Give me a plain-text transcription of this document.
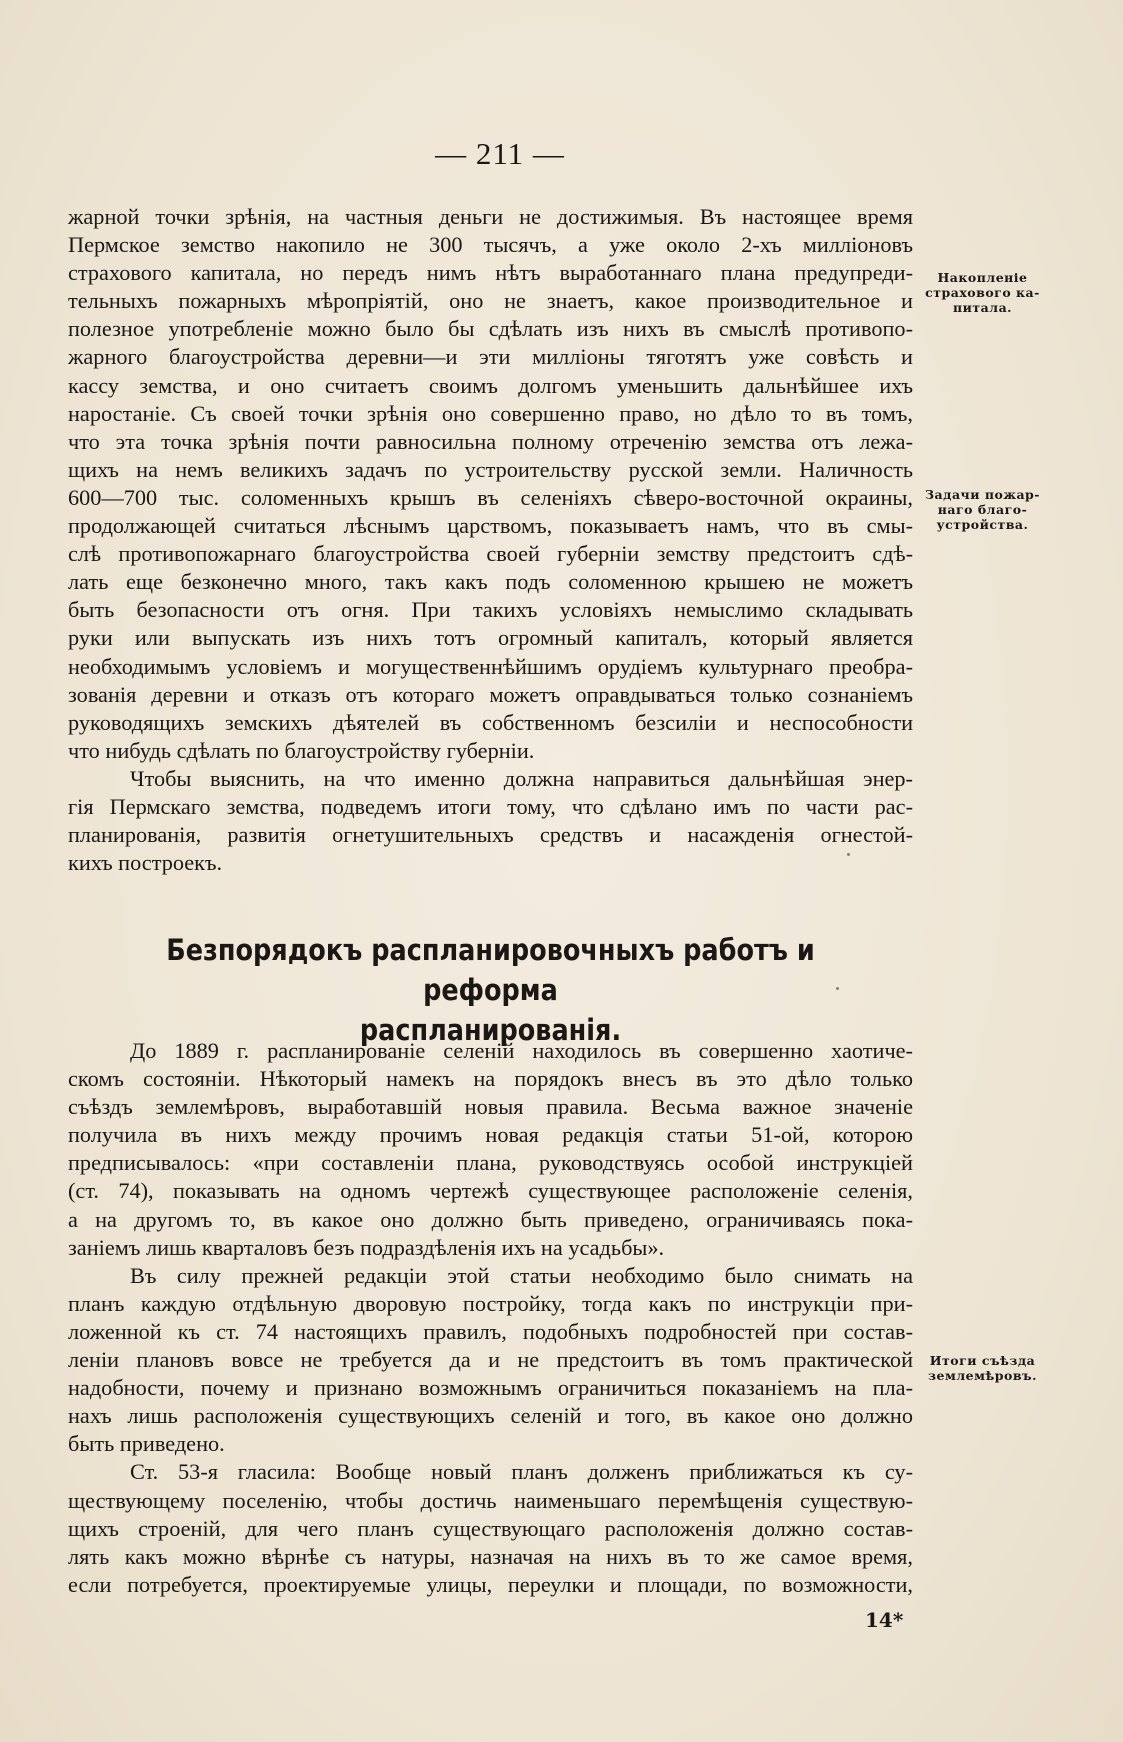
— 211 —
жарной точки зрѣнія, на частныя деньги не достижимыя. Въ настоящее время
Пермское земство накопило не 300 тысячъ, а уже около 2-хъ милліоновъ
страхового капитала, но передъ нимъ нѣтъ выработаннаго плана предупреди-
тельныхъ пожарныхъ мѣропріятій, оно не знаетъ, какое производительное и
полезное употребленіе можно было бы сдѣлать изъ нихъ въ смыслѣ противопо-
жарного благоустройства деревни—и эти милліоны тяготятъ уже совѣсть и
кассу земства, и оно считаетъ своимъ долгомъ уменьшить дальнѣйшее ихъ
наростаніе. Съ своей точки зрѣнія оно совершенно право, но дѣло то въ томъ,
что эта точка зрѣнія почти равносильна полному отреченію земства отъ лежа-
щихъ на немъ великихъ задачъ по устроительству русской земли. Наличность
600—700 тыс. соломенныхъ крышъ въ селеніяхъ сѣверо-восточной окраины,
продолжающей считаться лѣснымъ царствомъ, показываетъ намъ, что въ смы-
слѣ противопожарнаго благоустройства своей губерніи земству предстоитъ сдѣ-
лать еще безконечно много, такъ какъ подъ соломенною крышею не можетъ
быть безопасности отъ огня. При такихъ условіяхъ немыслимо складывать
руки или выпускать изъ нихъ тотъ огромный капиталъ, который является
необходимымъ условіемъ и могущественнѣйшимъ орудіемъ культурнаго преобра-
зованія деревни и отказъ отъ котораго можетъ оправдываться только сознаніемъ
руководящихъ земскихъ дѣятелей въ собственномъ безсиліи и неспособности
что нибудь сдѣлать по благоустройству губерніи.
Чтобы выяснить, на что именно должна направиться дальнѣйшая энер-
гія Пермскаго земства, подведемъ итоги тому, что сдѣлано имъ по части рас-
планированія, развитія огнетушительныхъ средствъ и насажденія огнестой-
кихъ построекъ.
Безпорядокъ распланировочныхъ работъ и реформа
распланированія.
До 1889 г. распланированіе селеній находилось въ совершенно хаотиче-
скомъ состояніи. Нѣкоторый намекъ на порядокъ внесъ въ это дѣло только
съѣздъ землемѣровъ, выработавшій новыя правила. Весьма важное значеніе
получила въ нихъ между прочимъ новая редакція статьи 51-ой, которою
предписывалось: «при составленіи плана, руководствуясь особой инструкціей
(ст. 74), показывать на одномъ чертежѣ существующее расположеніе селенія,
а на другомъ то, въ какое оно должно быть приведено, ограничиваясь пока-
заніемъ лишь кварталовъ безъ подраздѣленія ихъ на усадьбы».
Въ силу прежней редакціи этой статьи необходимо было снимать на
планъ каждую отдѣльную дворовую постройку, тогда какъ по инструкціи при-
ложенной къ ст. 74 настоящихъ правилъ, подобныхъ подробностей при состав-
леніи плановъ вовсе не требуется да и не предстоитъ въ томъ практической
надобности, почему и признано возможнымъ ограничиться показаніемъ на пла-
нахъ лишь расположенія существующихъ селеній и того, въ какое оно должно
быть приведено.
Ст. 53-я гласила: Вообще новый планъ долженъ приближаться къ су-
ществующему поселенію, чтобы достичь наименьшаго перемѣщенія существую-
щихъ строеній, для чего планъ существующаго расположенія должно состав-
лять какъ можно вѣрнѣе съ натуры, назначая на нихъ въ то же самое время,
если потребуется, проектируемые улицы, переулки и площади, по возможности,
Накопленіе
страхового ка-
питала.
Задачи пожар-
наго благо-
устройства.
Итоги съѣзда
землемѣровъ.
14*
